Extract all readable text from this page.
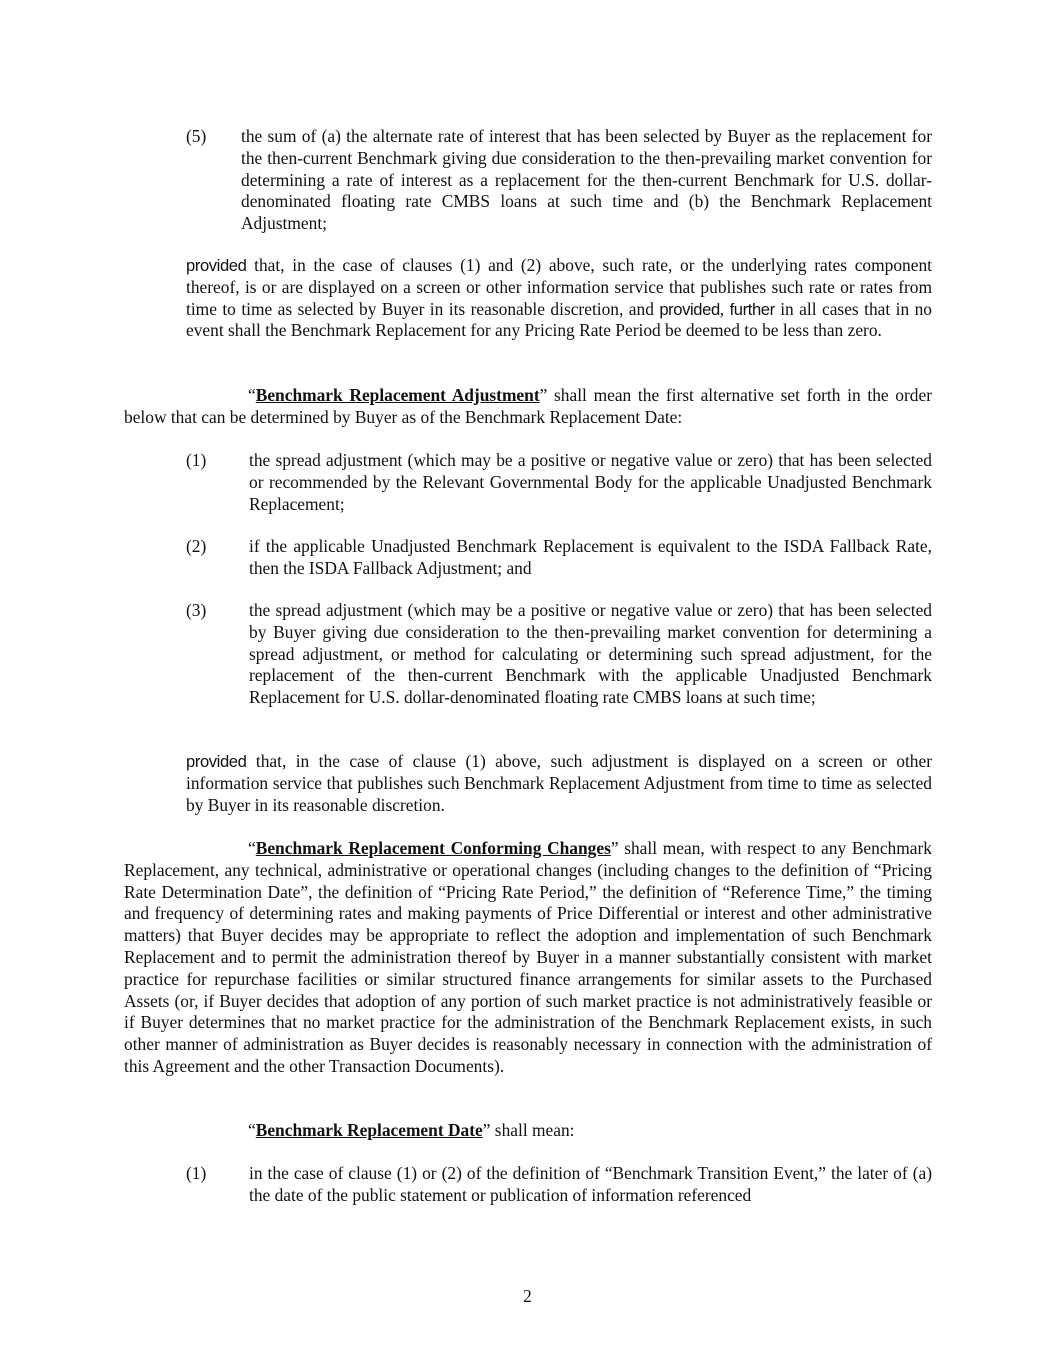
(5) the sum of (a) the alternate rate of interest that has been selected by Buyer as the replacement for the then-current Benchmark giving due consideration to the then-prevailing market convention for determining a rate of interest as a replacement for the then-current Benchmark for U.S. dollar-denominated floating rate CMBS loans at such time and (b) the Benchmark Replacement Adjustment;
provided that, in the case of clauses (1) and (2) above, such rate, or the underlying rates component thereof, is or are displayed on a screen or other information service that publishes such rate or rates from time to time as selected by Buyer in its reasonable discretion, and provided, further in all cases that in no event shall the Benchmark Replacement for any Pricing Rate Period be deemed to be less than zero.
“Benchmark Replacement Adjustment” shall mean the first alternative set forth in the order below that can be determined by Buyer as of the Benchmark Replacement Date:
(1) the spread adjustment (which may be a positive or negative value or zero) that has been selected or recommended by the Relevant Governmental Body for the applicable Unadjusted Benchmark Replacement;
(2) if the applicable Unadjusted Benchmark Replacement is equivalent to the ISDA Fallback Rate, then the ISDA Fallback Adjustment; and
(3) the spread adjustment (which may be a positive or negative value or zero) that has been selected by Buyer giving due consideration to the then-prevailing market convention for determining a spread adjustment, or method for calculating or determining such spread adjustment, for the replacement of the then-current Benchmark with the applicable Unadjusted Benchmark Replacement for U.S. dollar-denominated floating rate CMBS loans at such time;
provided that, in the case of clause (1) above, such adjustment is displayed on a screen or other information service that publishes such Benchmark Replacement Adjustment from time to time as selected by Buyer in its reasonable discretion.
“Benchmark Replacement Conforming Changes” shall mean, with respect to any Benchmark Replacement, any technical, administrative or operational changes (including changes to the definition of “Pricing Rate Determination Date”, the definition of “Pricing Rate Period,” the definition of “Reference Time,” the timing and frequency of determining rates and making payments of Price Differential or interest and other administrative matters) that Buyer decides may be appropriate to reflect the adoption and implementation of such Benchmark Replacement and to permit the administration thereof by Buyer in a manner substantially consistent with market practice for repurchase facilities or similar structured finance arrangements for similar assets to the Purchased Assets (or, if Buyer decides that adoption of any portion of such market practice is not administratively feasible or if Buyer determines that no market practice for the administration of the Benchmark Replacement exists, in such other manner of administration as Buyer decides is reasonably necessary in connection with the administration of this Agreement and the other Transaction Documents).
“Benchmark Replacement Date” shall mean:
(1) in the case of clause (1) or (2) of the definition of “Benchmark Transition Event,” the later of (a) the date of the public statement or publication of information referenced
2
